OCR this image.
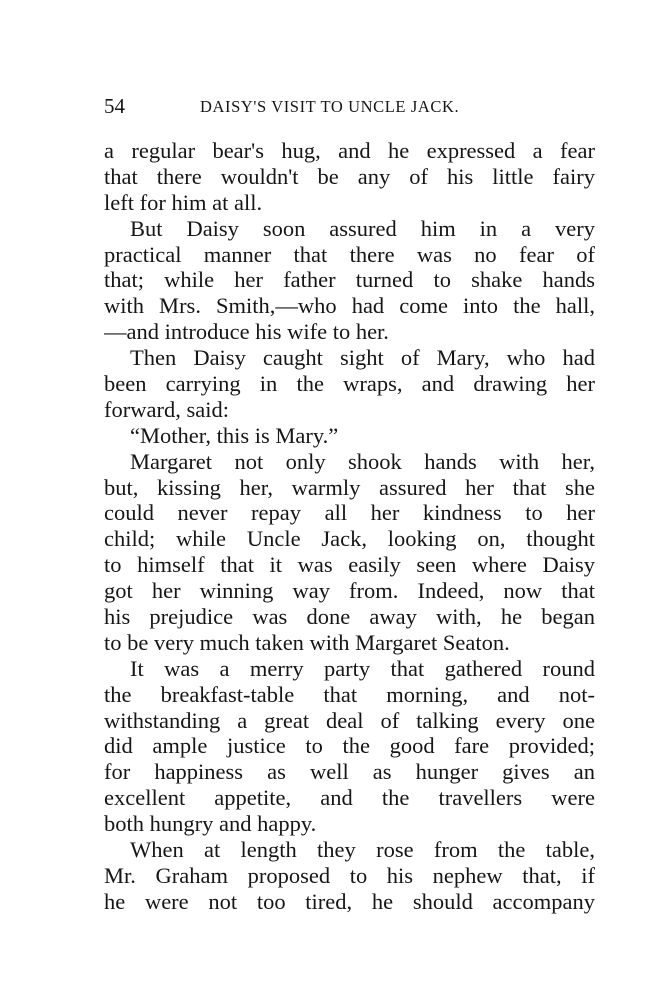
54	DAISY'S VISIT TO UNCLE JACK.
a regular bear's hug, and he expressed a fear
that there wouldn't be any of his little fairy
left for him at all.
But Daisy soon assured him in a very
practical manner that there was no fear of
that; while her father turned to shake hands
with Mrs. Smith,—who had come into the hall,
—and introduce his wife to her.
Then Daisy caught sight of Mary, who had
been carrying in the wraps, and drawing her
forward, said:
“Mother, this is Mary.”
Margaret not only shook hands with her,
but, kissing her, warmly assured her that she
could never repay all her kindness to her
child; while Uncle Jack, looking on, thought
to himself that it was easily seen where Daisy
got her winning way from. Indeed, now that
his prejudice was done away with, he began
to be very much taken with Margaret Seaton.
It was a merry party that gathered round
the breakfast-table that morning, and not-
withstanding a great deal of talking every one
did ample justice to the good fare provided;
for happiness as well as hunger gives an
excellent appetite, and the travellers were
both hungry and happy.
When at length they rose from the table,
Mr. Graham proposed to his nephew that, if
he were not too tired, he should accompany
